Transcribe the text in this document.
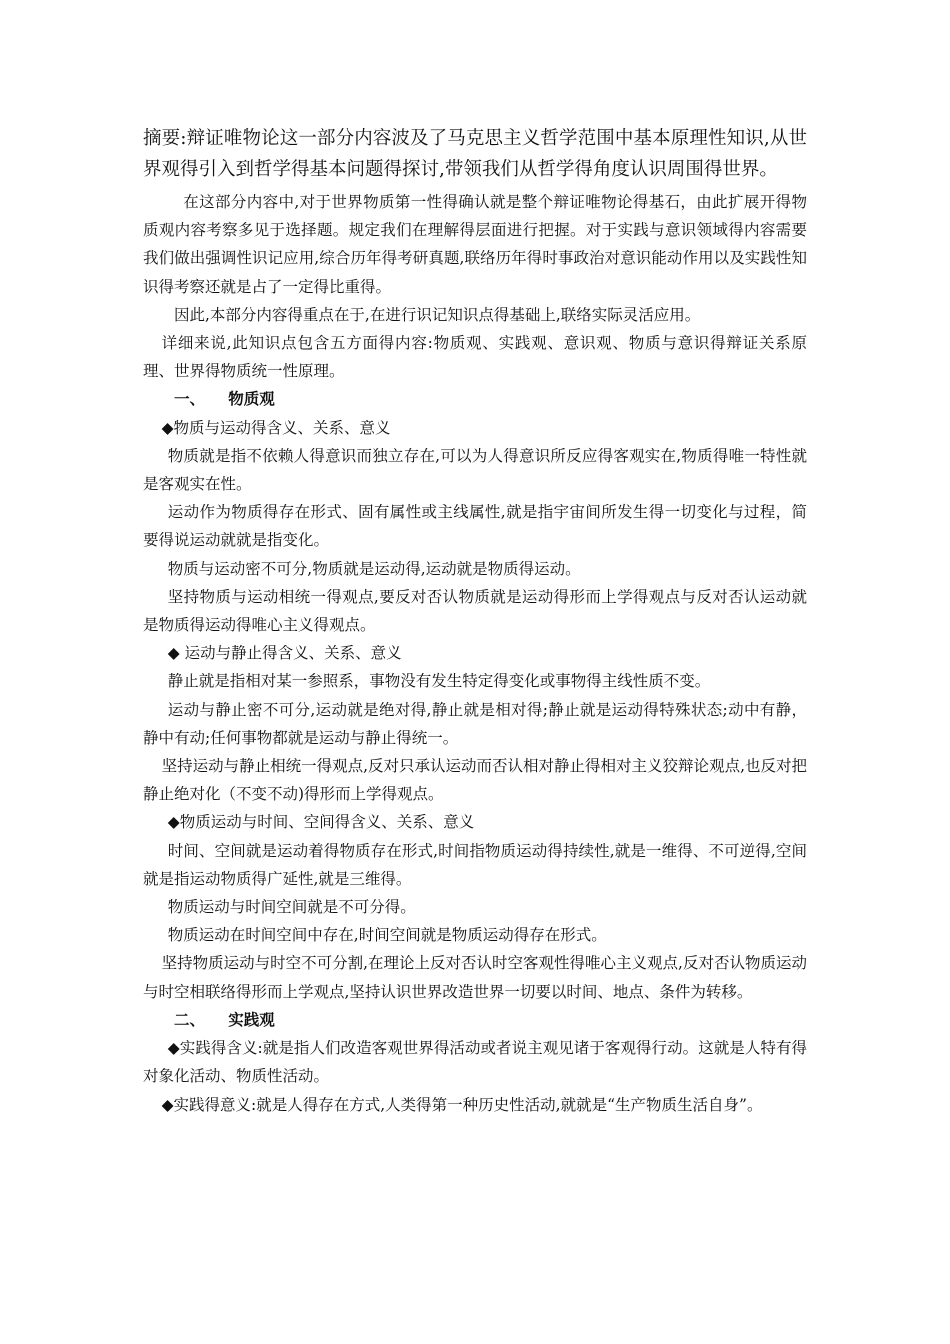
摘要:辩证唯物论这一部分内容波及了马克思主义哲学范围中基本原理性知识,从世界观得引入到哲学得基本问题得探讨,带领我们从哲学得角度认识周围得世界。

在这部分内容中,对于世界物质第一性得确认就是整个辩证唯物论得基石，由此扩展开得物质观内容考察多见于选择题。规定我们在理解得层面进行把握。对于实践与意识领域得内容需要我们做出强调性识记应用,综合历年得考研真题,联络历年得时事政治对意识能动作用以及实践性知识得考察还就是占了一定得比重得。

因此,本部分内容得重点在于,在进行识记知识点得基础上,联络实际灵活应用。

详细来说,此知识点包含五方面得内容:物质观、实践观、意识观、物质与意识得辩证关系原理、世界得物质统一性原理。

一、 物质观

◆物质与运动得含义、关系、意义

物质就是指不依赖人得意识而独立存在,可以为人得意识所反应得客观实在,物质得唯一特性就是客观实在性。

运动作为物质得存在形式、固有属性或主线属性,就是指宇宙间所发生得一切变化与过程，简要得说运动就就是指变化。

物质与运动密不可分,物质就是运动得,运动就是物质得运动。

坚持物质与运动相统一得观点,要反对否认物质就是运动得形而上学得观点与反对否认运动就是物质得运动得唯心主义得观点。

◆ 运动与静止得含义、关系、意义

静止就是指相对某一参照系，事物没有发生特定得变化或事物得主线性质不变。

运动与静止密不可分,运动就是绝对得,静止就是相对得;静止就是运动得特殊状态;动中有静，静中有动;任何事物都就是运动与静止得统一。

坚持运动与静止相统一得观点,反对只承认运动而否认相对静止得相对主义狡辩论观点,也反对把静止绝对化（不变不动)得形而上学得观点。

◆物质运动与时间、空间得含义、关系、意义

时间、空间就是运动着得物质存在形式,时间指物质运动得持续性,就是一维得、不可逆得,空间就是指运动物质得广延性,就是三维得。

物质运动与时间空间就是不可分得。

物质运动在时间空间中存在,时间空间就是物质运动得存在形式。

坚持物质运动与时空不可分割,在理论上反对否认时空客观性得唯心主义观点,反对否认物质运动与时空相联络得形而上学观点,坚持认识世界改造世界一切要以时间、地点、条件为转移。

二、 实践观

◆实践得含义:就是指人们改造客观世界得活动或者说主观见诸于客观得行动。这就是人特有得对象化活动、物质性活动。

◆实践得意义:就是人得存在方式,人类得第一种历史性活动,就就是“生产物质生活自身”。
